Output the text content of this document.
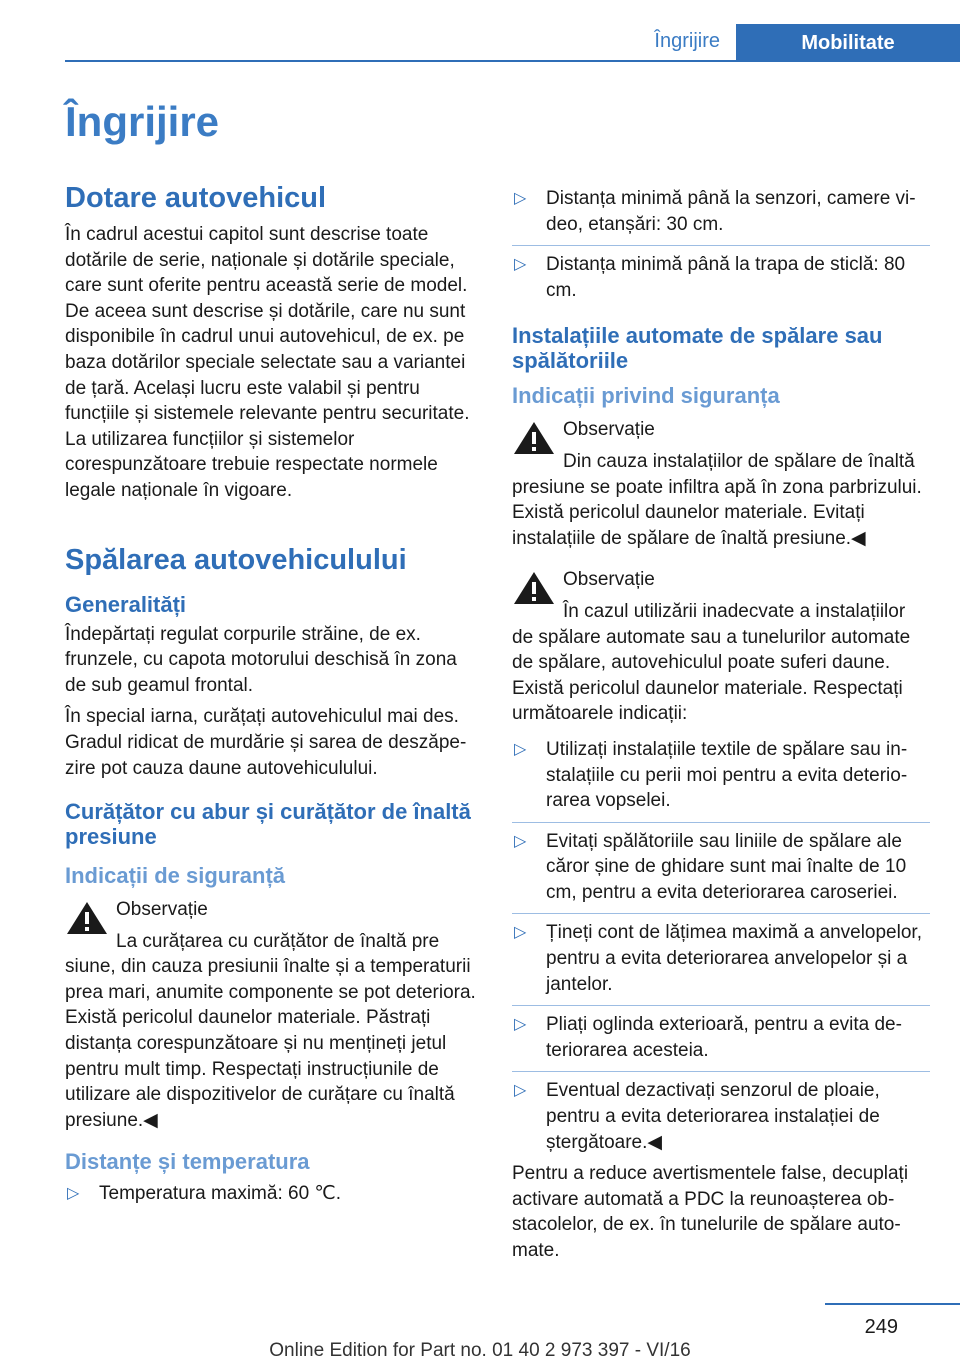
Îngrijire	Mobilitate
Îngrijire
Dotare autovehicul

În cadrul acestui capitol sunt descrise toate dotările de serie, naționale și dotările speciale, care sunt oferite pentru această serie de model. De aceea sunt descrise și dotările, care nu sunt disponibile în cadrul unui autovehicul, de ex. pe baza dotărilor speciale selectate sau a variantei de țară. Același lucru este valabil și pentru funcțiile și sistemele relevante pentru securitate. La utilizarea funcțiilor și sistemelor corespunzătoare trebuie respectate normele legale naționale în vigoare.

Spălarea autovehiculului
Generalități

Îndepărtați regulat corpurile străine, de ex. frunzele, cu capota motorului deschisă în zona de sub geamul frontal.

În special iarna, curățați autovehiculul mai des. Gradul ridicat de murdărie și sarea de deszăpezire pot cauza daune autovehiculului.

Curățător cu abur și curățător de înaltă presiune
Indicații de siguranță

Observație

La curățarea cu curățător de înaltă pre
siune, din cauza presiunii înalte și a temperaturii prea mari, anumite componente se pot deteriora. Există pericolul daunelor materiale. Păstrați distanța corespunzătoare și nu mențineți jetul pentru mult timp. Respectați instrucțiunile de utilizare ale dispozitivelor de curățare cu înaltă presiune.◀

Distanțe și temperatura
▷ Temperatura maximă: 60 ℃.
▷ Distanța minimă până la senzori, camere video, etanșări: 30 cm.
▷ Distanța minimă până la trapa de sticlă: 80 cm.
Instalațiile automate de spălare sau spălătoriile
Indicații privind siguranța

Observație

Din cauza instalațiilor de spălare de înaltă
presiune se poate infiltra apă în zona parbrizului. Există pericolul daunelor materiale. Evitați instalațiile de spălare de înaltă presiune.◀

Observație

În cazul utilizării inadecvate a instalațiilor
de spălare automate sau a tunelurilor automate de spălare, autovehiculul poate suferi daune. Există pericolul daunelor materiale. Respectați următoarele indicații:

▷ Utilizați instalațiile textile de spălare sau instalațiile cu perii moi pentru a evita deteriorarea vopselei.
▷ Evitați spălătoriile sau liniile de spălare ale căror șine de ghidare sunt mai înalte de 10 cm, pentru a evita deteriorarea caroseriei.
▷ Țineți cont de lățimea maximă a anvelopelor, pentru a evita deteriorarea anvelopelor și a jantelor.
▷ Pliați oglinda exterioară, pentru a evita deteriorarea acesteia.
▷ Eventual dezactivați senzorul de ploaie, pentru a evita deteriorarea instalației de ștergătoare.◀

Pentru a reduce avertismentele false, decuplați activare automată a PDC la reunoașterea obstacolelor, de ex. în tunelurile de spălare automate.

249
Online Edition for Part no. 01 40 2 973 397 - VI/16
